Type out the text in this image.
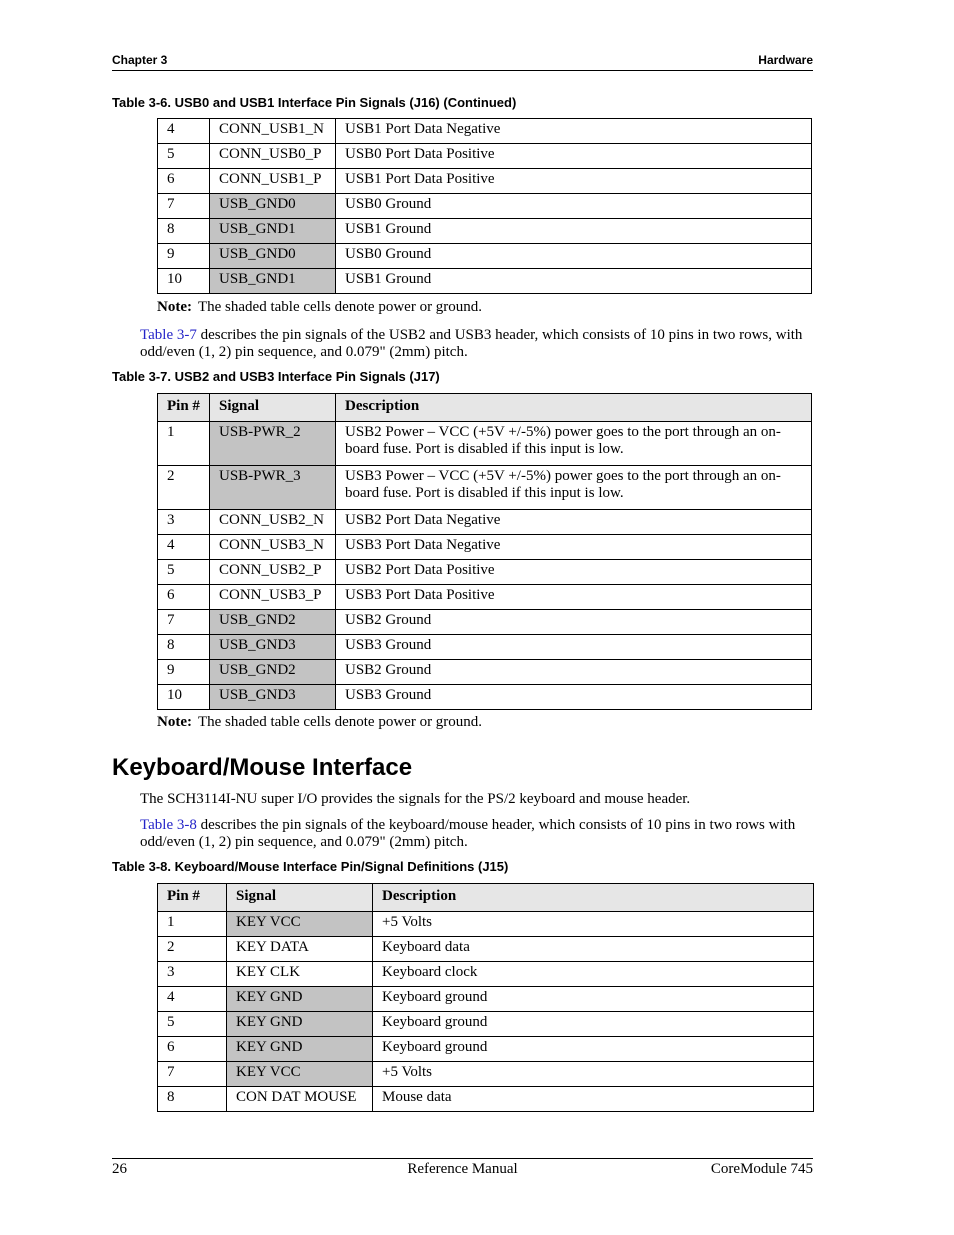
Chapter 3	Hardware
Table 3-6. USB0 and USB1 Interface Pin Signals (J16) (Continued)
4	CONN_USB1_N	USB1 Port Data Negative
5	CONN_USB0_P	USB0 Port Data Positive
6	CONN_USB1_P	USB1 Port Data Positive
7	USB_GND0	USB0 Ground
8	USB_GND1	USB1 Ground
9	USB_GND0	USB0 Ground
10	USB_GND1	USB1 Ground
Note: The shaded table cells denote power or ground.
Table 3-7 describes the pin signals of the USB2 and USB3 header, which consists of 10 pins in two rows, with odd/even (1, 2) pin sequence, and 0.079" (2mm) pitch.
Table 3-7. USB2 and USB3 Interface Pin Signals (J17)
Pin #	Signal	Description
1	USB-PWR_2	USB2 Power – VCC (+5V +/-5%) power goes to the port through an on-board fuse. Port is disabled if this input is low.
2	USB-PWR_3	USB3 Power – VCC (+5V +/-5%) power goes to the port through an on-board fuse. Port is disabled if this input is low.
3	CONN_USB2_N	USB2 Port Data Negative
4	CONN_USB3_N	USB3 Port Data Negative
5	CONN_USB2_P	USB2 Port Data Positive
6	CONN_USB3_P	USB3 Port Data Positive
7	USB_GND2	USB2 Ground
8	USB_GND3	USB3 Ground
9	USB_GND2	USB2 Ground
10	USB_GND3	USB3 Ground
Note: The shaded table cells denote power or ground.
Keyboard/Mouse Interface
The SCH3114I-NU super I/O provides the signals for the PS/2 keyboard and mouse header.
Table 3-8 describes the pin signals of the keyboard/mouse header, which consists of 10 pins in two rows with odd/even (1, 2) pin sequence, and 0.079" (2mm) pitch.
Table 3-8. Keyboard/Mouse Interface Pin/Signal Definitions (J15)
Pin #	Signal	Description
1	KEY VCC	+5 Volts
2	KEY DATA	Keyboard data
3	KEY CLK	Keyboard clock
4	KEY GND	Keyboard ground
5	KEY GND	Keyboard ground
6	KEY GND	Keyboard ground
7	KEY VCC	+5 Volts
8	CON DAT MOUSE	Mouse data
26	Reference Manual	CoreModule 745
